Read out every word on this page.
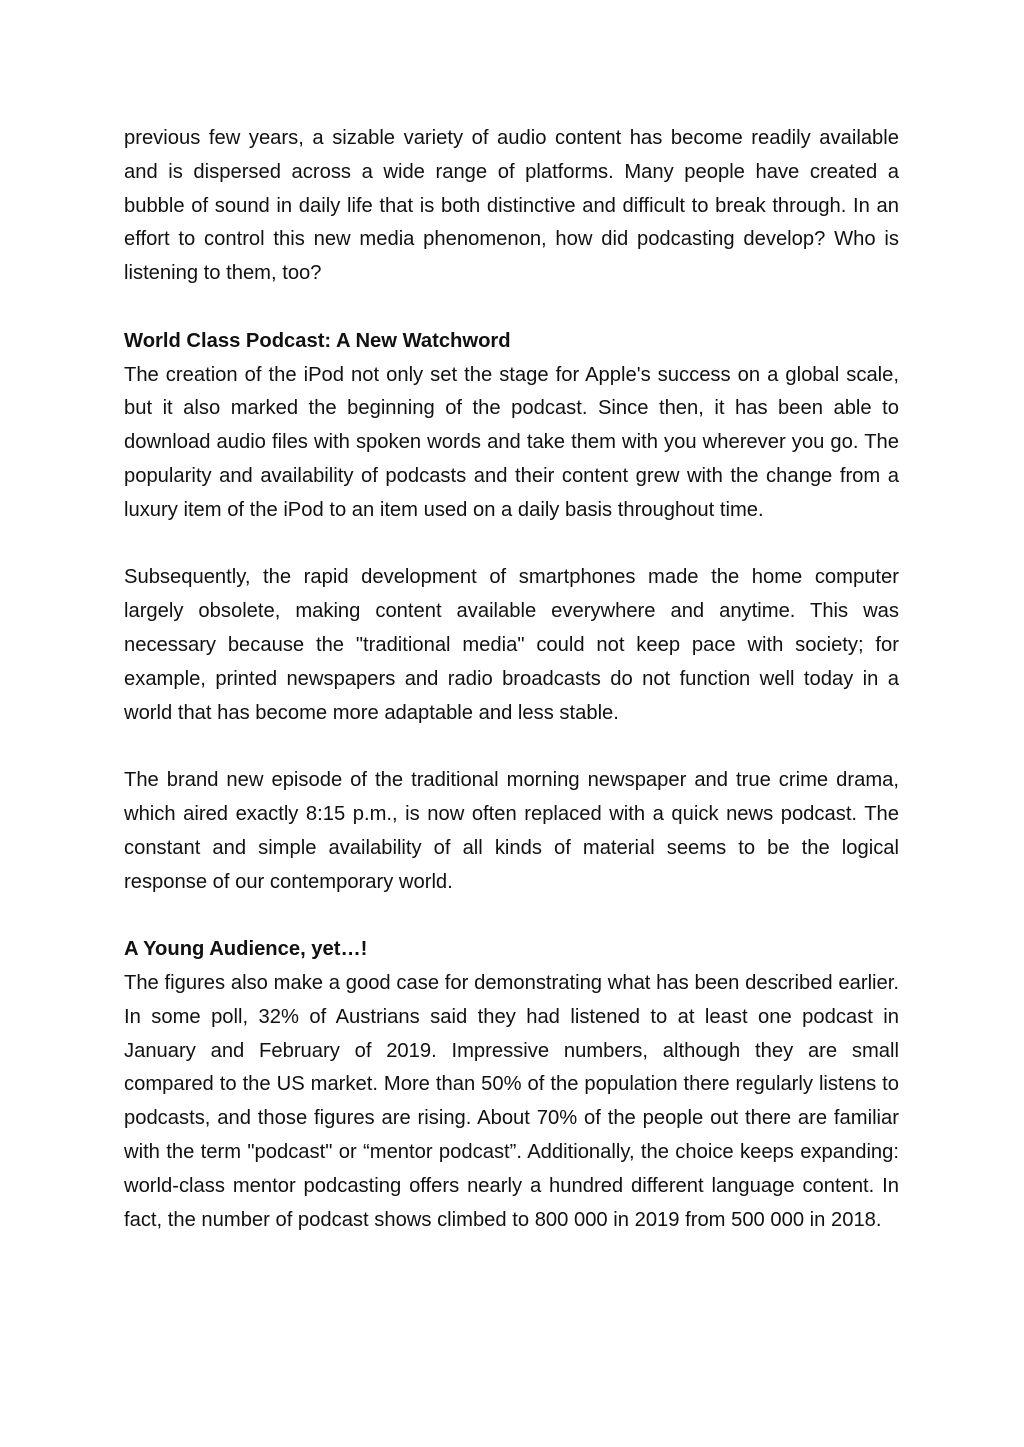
previous few years, a sizable variety of audio content has become readily available and is dispersed across a wide range of platforms. Many people have created a bubble of sound in daily life that is both distinctive and difficult to break through. In an effort to control this new media phenomenon, how did podcasting develop? Who is listening to them, too?

World Class Podcast: A New Watchword

The creation of the iPod not only set the stage for Apple's success on a global scale, but it also marked the beginning of the podcast. Since then, it has been able to download audio files with spoken words and take them with you wherever you go. The popularity and availability of podcasts and their content grew with the change from a luxury item of the iPod to an item used on a daily basis throughout time.

Subsequently, the rapid development of smartphones made the home computer largely obsolete, making content available everywhere and anytime. This was necessary because the "traditional media" could not keep pace with society; for example, printed newspapers and radio broadcasts do not function well today in a world that has become more adaptable and less stable.

The brand new episode of the traditional morning newspaper and true crime drama, which aired exactly 8:15 p.m., is now often replaced with a quick news podcast. The constant and simple availability of all kinds of material seems to be the logical response of our contemporary world.

A Young Audience, yet…!

The figures also make a good case for demonstrating what has been described earlier. In some poll, 32% of Austrians said they had listened to at least one podcast in January and February of 2019. Impressive numbers, although they are small compared to the US market. More than 50% of the population there regularly listens to podcasts, and those figures are rising. About 70% of the people out there are familiar with the term "podcast" or “mentor podcast”. Additionally, the choice keeps expanding: world-class mentor podcasting offers nearly a hundred different language content. In fact, the number of podcast shows climbed to 800 000 in 2019 from 500 000 in 2018.
